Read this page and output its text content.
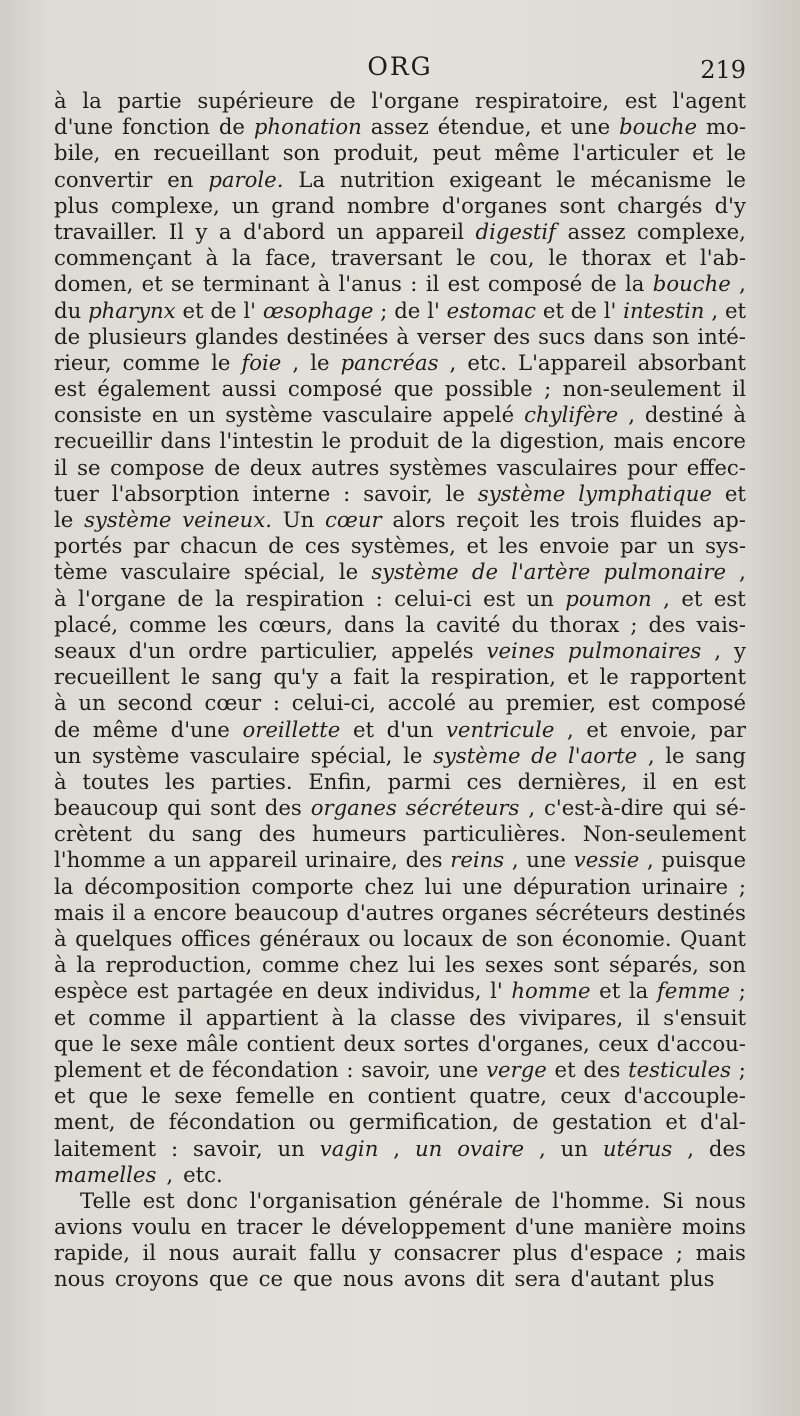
ORG	219
à la partie supérieure de l'organe respiratoire, est l'agent
d'une fonction de phonation assez étendue, et une bouche mo-
bile, en recueillant son produit, peut même l'articuler et le
convertir en parole. La nutrition exigeant le mécanisme le
plus complexe, un grand nombre d'organes sont chargés d'y
travailler. Il y a d'abord un appareil digestif assez complexe,
commençant à la face, traversant le cou, le thorax et l'ab-
domen, et se terminant à l'anus : il est composé de la bouche ,
du pharynx et de l' œsophage ; de l' estomac et de l' intestin , et
de plusieurs glandes destinées à verser des sucs dans son inté-
rieur, comme le foie , le pancréas , etc. L'appareil absorbant
est également aussi composé que possible ; non-seulement il
consiste en un système vasculaire appelé chylifère , destiné à
recueillir dans l'intestin le produit de la digestion, mais encore
il se compose de deux autres systèmes vasculaires pour effec-
tuer l'absorption interne : savoir, le système lymphatique et
le système veineux. Un cœur alors reçoit les trois fluides ap-
portés par chacun de ces systèmes, et les envoie par un sys-
tème vasculaire spécial, le système de l'artère pulmonaire ,
à l'organe de la respiration : celui-ci est un poumon , et est
placé, comme les cœurs, dans la cavité du thorax ; des vais-
seaux d'un ordre particulier, appelés veines pulmonaires , y
recueillent le sang qu'y a fait la respiration, et le rapportent
à un second cœur : celui-ci, accolé au premier, est composé
de même d'une oreillette et d'un ventricule , et envoie, par
un système vasculaire spécial, le système de l'aorte , le sang
à toutes les parties. Enfin, parmi ces dernières, il en est
beaucoup qui sont des organes sécréteurs , c'est-à-dire qui sé-
crètent du sang des humeurs particulières. Non-seulement
l'homme a un appareil urinaire, des reins , une vessie , puisque
la décomposition comporte chez lui une dépuration urinaire ;
mais il a encore beaucoup d'autres organes sécréteurs destinés
à quelques offices généraux ou locaux de son économie. Quant
à la reproduction, comme chez lui les sexes sont séparés, son
espèce est partagée en deux individus, l' homme et la femme ;
et comme il appartient à la classe des vivipares, il s'ensuit
que le sexe mâle contient deux sortes d'organes, ceux d'accou-
plement et de fécondation : savoir, une verge et des testicules ;
et que le sexe femelle en contient quatre, ceux d'accouple-
ment, de fécondation ou germification, de gestation et d'al-
laitement : savoir, un vagin , un ovaire , un utérus , des
mamelles , etc.
Telle est donc l'organisation générale de l'homme. Si nous
avions voulu en tracer le développement d'une manière moins
rapide, il nous aurait fallu y consacrer plus d'espace ; mais
nous croyons que ce que nous avons dit sera d'autant plus
